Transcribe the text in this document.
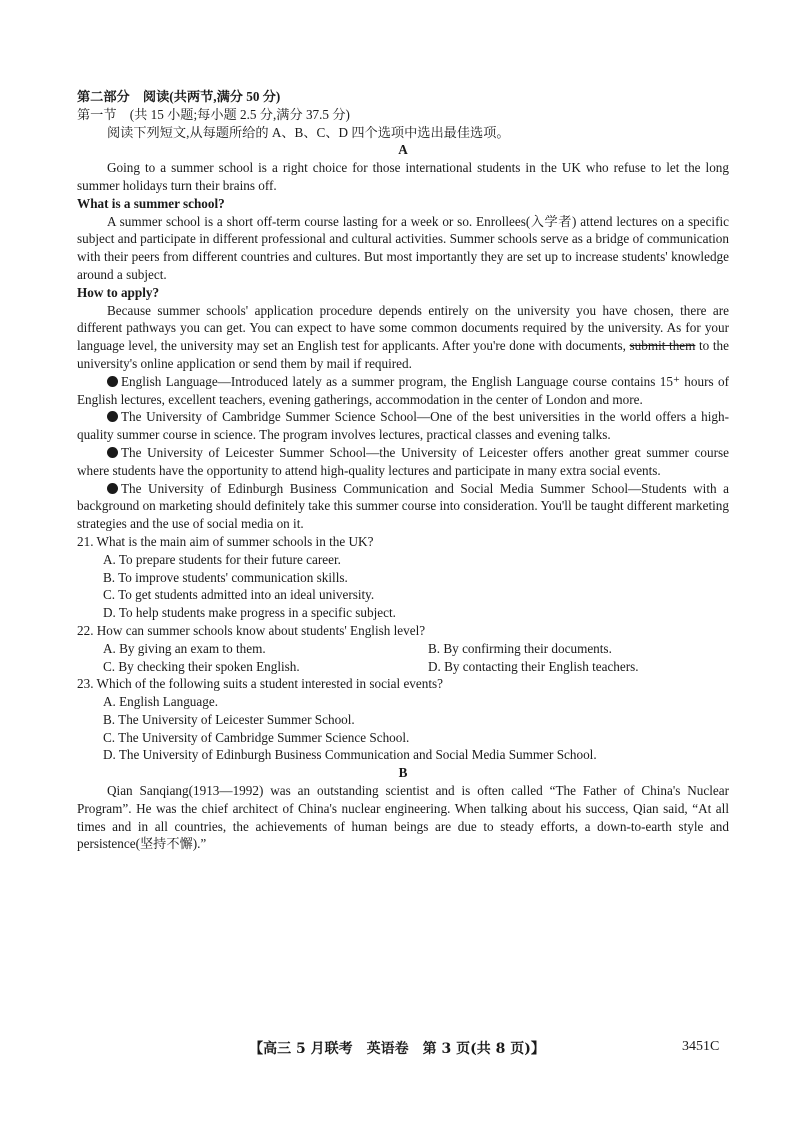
第二部分　阅读(共两节,满分 50 分)

第一节　(共 15 小题;每小题 2.5 分,满分 37.5 分)

阅读下列短文,从每题所给的 A、B、C、D 四个选项中选出最佳选项。

A

Going to a summer school is a right choice for those international students in the UK who refuse to let the long summer holidays turn their brains off.

What is a summer school?

A summer school is a short off-term course lasting for a week or so. Enrollees(入学者) attend lectures on a specific subject and participate in different professional and cultural activities. Summer schools serve as a bridge of communication with their peers from different countries and cultures. But most importantly they are set up to increase students' knowledge around a subject.

How to apply?

Because summer schools' application procedure depends entirely on the university you have chosen, there are different pathways you can get. You can expect to have some common documents required by the university. As for your language level, the university may set an English test for applicants. After you're done with documents, submit them to the university's online application or send them by mail if required.

English Language—Introduced lately as a summer program, the English Language course contains 15⁺ hours of English lectures, excellent teachers, evening gatherings, accommodation in the center of London and more.

The University of Cambridge Summer Science School—One of the best universities in the world offers a high-quality summer course in science. The program involves lectures, practical classes and evening talks.

The University of Leicester Summer School—the University of Leicester offers another great summer course where students have the opportunity to attend high-quality lectures and participate in many extra social events.

The University of Edinburgh Business Communication and Social Media Summer School—Students with a background on marketing should definitely take this summer course into consideration. You'll be taught different marketing strategies and the use of social media on it.

21. What is the main aim of summer schools in the UK?

A. To prepare students for their future career.

B. To improve students' communication skills.

C. To get students admitted into an ideal university.

D. To help students make progress in a specific subject.

22. How can summer schools know about students' English level?

A. By giving an exam to them.	B. By confirming their documents.
C. By checking their spoken English.	D. By contacting their English teachers.

23. Which of the following suits a student interested in social events?

A. English Language.

B. The University of Leicester Summer School.

C. The University of Cambridge Summer Science School.

D. The University of Edinburgh Business Communication and Social Media Summer School.

B

Qian Sanqiang(1913—1992) was an outstanding scientist and is often called “The Father of China's Nuclear Program”. He was the chief architect of China's nuclear engineering. When talking about his success, Qian said, “At all times and in all countries, the achievements of human beings are due to steady efforts, a down-to-earth style and persistence(坚持不懈).”

【高三 5 月联考　英语卷　第 3 页(共 8 页)】	3451C
